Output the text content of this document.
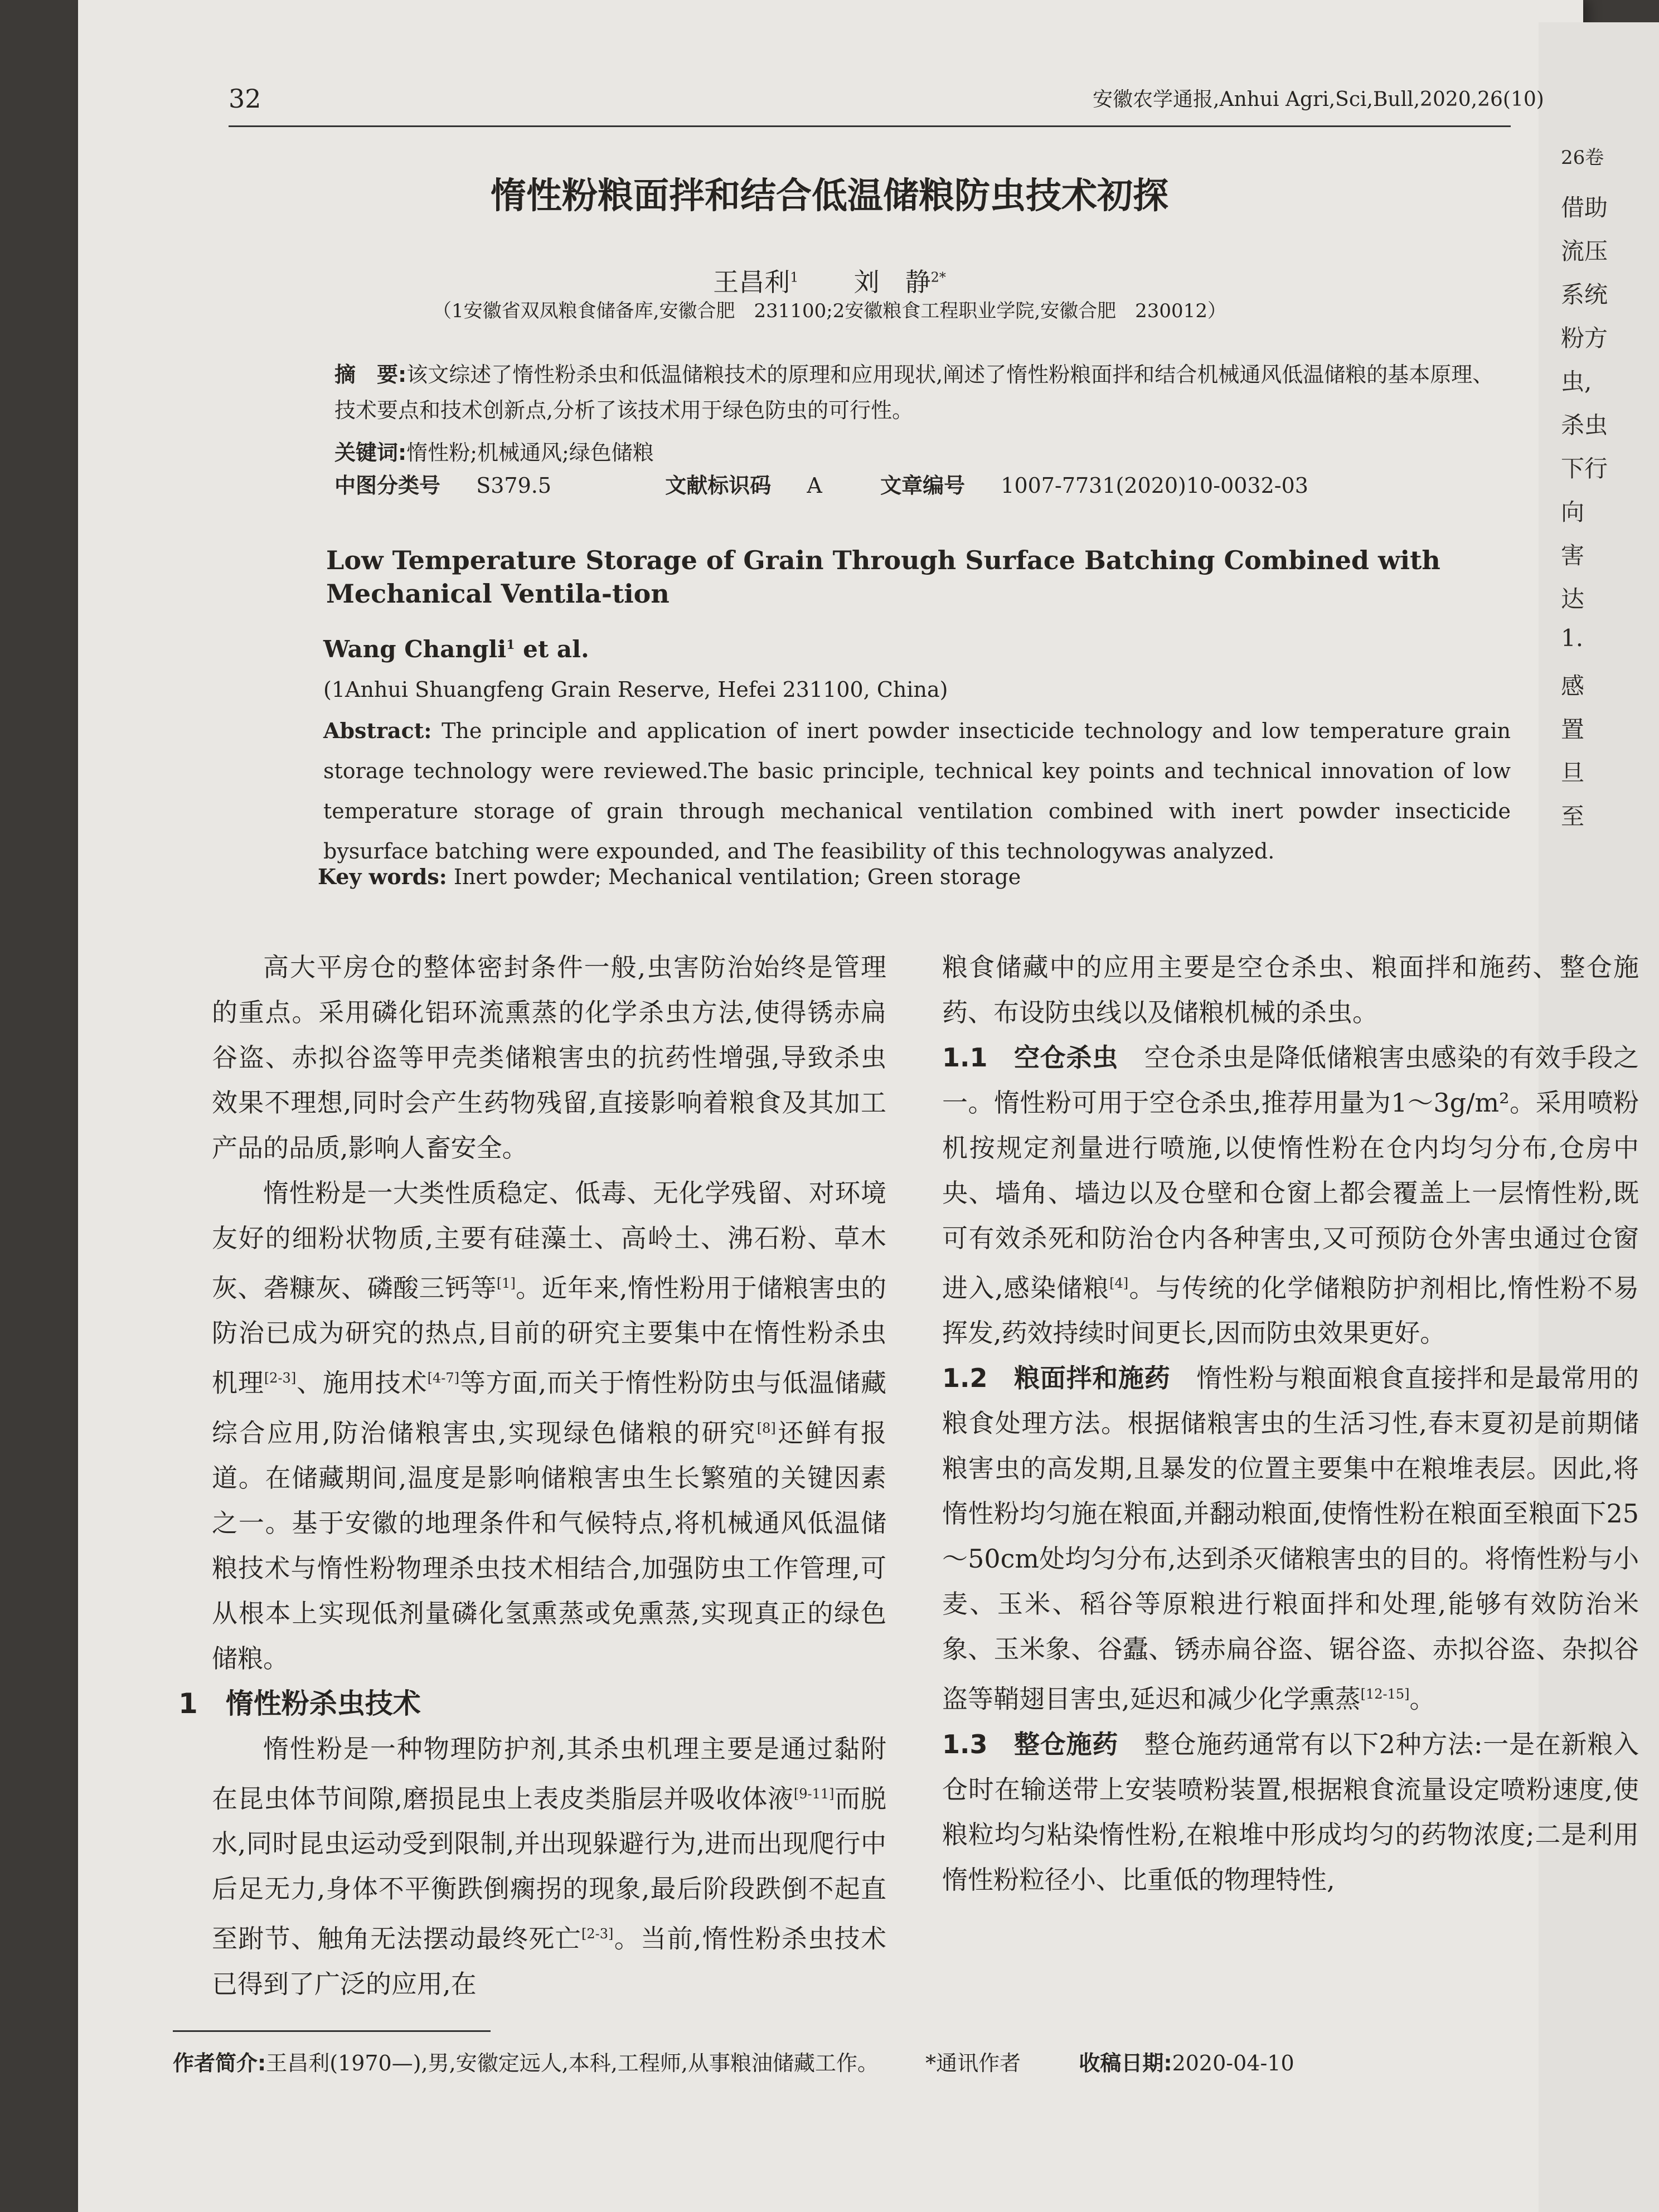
26卷
借助
流压
系统
粉方
虫,
杀虫
下行
向
害
达
1.
感
置
旦
至
32	安徽农学通报,Anhui Agri,Sci,Bull,2020,26(10)
惰性粉粮面拌和结合低温储粮防虫技术初探
王昌利$^1$ 刘　静$^{2*}$
（1安徽省双凤粮食储备库,安徽合肥　231100;2安徽粮食工程职业学院,安徽合肥　230012）
摘　要:该文综述了惰性粉杀虫和低温储粮技术的原理和应用现状,阐述了惰性粉粮面拌和结合机械通风低温储粮的基本原理、技术要点和技术创新点,分析了该技术用于绿色防虫的可行性。
关键词:惰性粉;机械通风;绿色储粮
中图分类号 S379.5	文献标识码 A	文章编号 1007-7731(2020)10-0032-03
Low Temperature Storage of Grain Through Surface Batching Combined with Mechanical Ventila-tion
Wang Changli$^1$ et al.
(1Anhui Shuangfeng Grain Reserve, Hefei 231100, China)
Abstract: The principle and application of inert powder insecticide technology and low temperature grain storage technology were reviewed.The basic principle, technical key points and technical innovation of low temperature storage of grain through mechanical ventilation combined with inert powder insecticide bysurface batching were expounded, and The feasibility of this technologywas analyzed.
Key words: Inert powder; Mechanical ventilation; Green storage

高大平房仓的整体密封条件一般,虫害防治始终是管理的重点。采用磷化铝环流熏蒸的化学杀虫方法,使得锈赤扁谷盗、赤拟谷盗等甲壳类储粮害虫的抗药性增强,导致杀虫效果不理想,同时会产生药物残留,直接影响着粮食及其加工产品的品质,影响人畜安全。

惰性粉是一大类性质稳定、低毒、无化学残留、对环境友好的细粉状物质,主要有硅藻土、高岭土、沸石粉、草木灰、砻糠灰、磷酸三钙等[1]。近年来,惰性粉用于储粮害虫的防治已成为研究的热点,目前的研究主要集中在惰性粉杀虫机理[2-3]、施用技术[4-7]等方面,而关于惰性粉防虫与低温储藏综合应用,防治储粮害虫,实现绿色储粮的研究[8]还鲜有报道。在储藏期间,温度是影响储粮害虫生长繁殖的关键因素之一。基于安徽的地理条件和气候特点,将机械通风低温储粮技术与惰性粉物理杀虫技术相结合,加强防虫工作管理,可从根本上实现低剂量磷化氢熏蒸或免熏蒸,实现真正的绿色储粮。

1　惰性粉杀虫技术

惰性粉是一种物理防护剂,其杀虫机理主要是通过黏附在昆虫体节间隙,磨损昆虫上表皮类脂层并吸收体液[9-11]而脱水,同时昆虫运动受到限制,并出现躲避行为,进而出现爬行中后足无力,身体不平衡跌倒瘸拐的现象,最后阶段跌倒不起直至跗节、触角无法摆动最终死亡[2-3]。当前,惰性粉杀虫技术已得到了广泛的应用,在

粮食储藏中的应用主要是空仓杀虫、粮面拌和施药、整仓施药、布设防虫线以及储粮机械的杀虫。

1.1　空仓杀虫　空仓杀虫是降低储粮害虫感染的有效手段之一。惰性粉可用于空仓杀虫,推荐用量为1～3g/m²。采用喷粉机按规定剂量进行喷施,以使惰性粉在仓内均匀分布,仓房中央、墙角、墙边以及仓壁和仓窗上都会覆盖上一层惰性粉,既可有效杀死和防治仓内各种害虫,又可预防仓外害虫通过仓窗进入,感染储粮[4]。与传统的化学储粮防护剂相比,惰性粉不易挥发,药效持续时间更长,因而防虫效果更好。

1.2　粮面拌和施药　惰性粉与粮面粮食直接拌和是最常用的粮食处理方法。根据储粮害虫的生活习性,春末夏初是前期储粮害虫的高发期,且暴发的位置主要集中在粮堆表层。因此,将惰性粉均匀施在粮面,并翻动粮面,使惰性粉在粮面至粮面下25～50cm处均匀分布,达到杀灭储粮害虫的目的。将惰性粉与小麦、玉米、稻谷等原粮进行粮面拌和处理,能够有效防治米象、玉米象、谷蠹、锈赤扁谷盗、锯谷盗、赤拟谷盗、杂拟谷盗等鞘翅目害虫,延迟和减少化学熏蒸[12-15]。

1.3　整仓施药　整仓施药通常有以下2种方法:一是在新粮入仓时在输送带上安装喷粉装置,根据粮食流量设定喷粉速度,使粮粒均匀粘染惰性粉,在粮堆中形成均匀的药物浓度;二是利用惰性粉粒径小、比重低的物理特性,

作者简介:王昌利(1970—),男,安徽定远人,本科,工程师,从事粮油储藏工作。 *通讯作者	收稿日期:2020-04-10
